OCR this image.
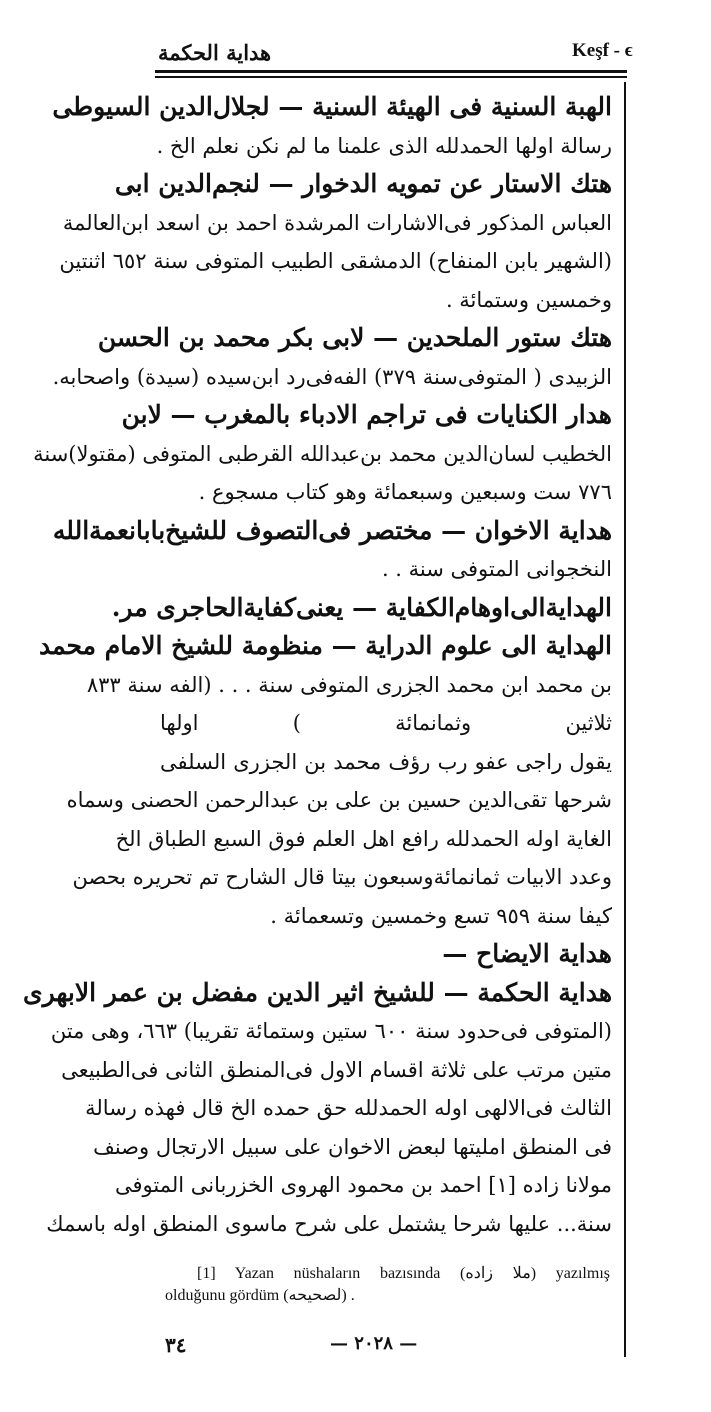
هداية الحكمة	Keşf - ϵ
الهبة السنية فى الهيئة السنية — لجلال‌الدين السيوطى
رسالة اولها الحمدلله الذى علمنا ما لم نكن نعلم الخ .
هتك الاستار عن تمويه الدخوار — لنجم‌الدين ابى
العباس المذكور فى‌الاشارات المرشدة احمد بن اسعد ابن‌العالمة
(الشهير بابن المنفاح) الدمشقى الطبيب المتوفى سنة ٦٥٢ اثنتين
وخمسين وستمائة .
هتك ستور الملحدين — لابى بكر محمد بن الحسن
الزبيدى ( المتوفى‌سنة ٣٧٩) الفه‌فى‌رد ابن‌سيده (سيدة) واصحابه.
هدار الكنايات فى تراجم الادباء بالمغرب — لابن
الخطيب لسان‌الدين محمد بن‌عبدالله القرطبى المتوفى (مقتولا)سنة
٧٧٦ ست وسبعين وسبعمائة وهو كتاب مسجوع .
هداية الاخوان — مختصر فى‌التصوف للشيخ‌بابانعمةالله
النخجوانى المتوفى سنة . .
الهداية‌الى‌اوهام‌الكفاية — يعنى‌كفاية‌الحاجرى مر.
الهداية الى علوم الدراية — منظومة للشيخ الامام محمد
بن محمد ابن محمد الجزرى المتوفى سنة . . . (الفه سنة ٨٣٣
ثلاثين وثمانمائة ) اولها
يقول راجى عفو رب رؤف محمد بن الجزرى السلفى
شرحها تقى‌الدين حسين بن على بن عبدالرحمن الحصنى وسماه
الغاية اوله الحمدلله رافع اهل العلم فوق السبع الطباق الخ
وعدد الابيات ثمانمائةوسبعون بيتا قال الشارح تم تحريره بحصن
كيفا سنة ٩٥٩ تسع وخمسين وتسعمائة .
هداية الايضاح —
هداية الحكمة — للشيخ اثير الدين مفضل بن عمر الابهرى
(المتوفى فى‌حدود سنة ٦٠٠ ستين وستمائة تقريبا) ٦٦٣، وهى متن
متين مرتب على ثلاثة اقسام الاول فى‌المنطق الثانى فى‌الطبيعى
الثالث فى‌الالهى اوله الحمدلله حق حمده الخ قال فهذه رسالة
فى المنطق امليتها لبعض الاخوان على سبيل الارتجال وصنف
مولانا زاده [١] احمد بن محمود الهروى الخزربانى المتوفى
سنة... عليها شرحا يشتمل على شرح ماسوى المنطق اوله باسمك
[1] Yazan nüshaların bazısında (ملا زاده) yazılmış
olduğunu gördüm (لصحيحه) .
٣٤	— ٢٠٢٨ —
